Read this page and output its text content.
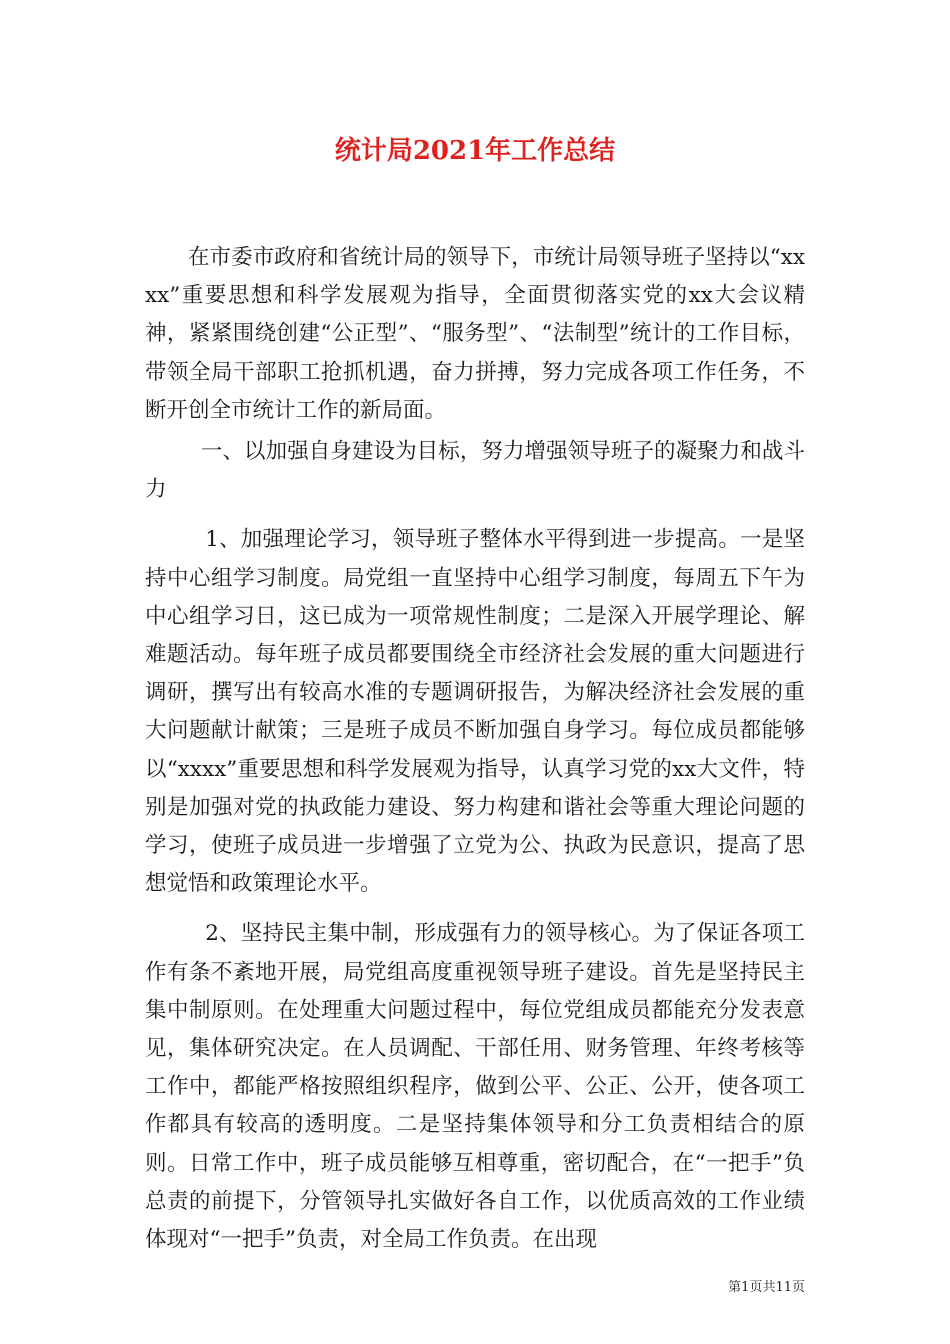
统计局2021年工作总结

在市委市政府和省统计局的领导下，市统计局领导班子坚持以“xxxx”重要思想和科学发展观为指导，全面贯彻落实党的xx大会议精神，紧紧围绕创建“公正型”、“服务型”、“法制型”统计的工作目标，带领全局干部职工抢抓机遇，奋力拼搏，努力完成各项工作任务，不断开创全市统计工作的新局面。

一、以加强自身建设为目标，努力增强领导班子的凝聚力和战斗力

1、加强理论学习，领导班子整体水平得到进一步提高。一是坚持中心组学习制度。局党组一直坚持中心组学习制度，每周五下午为中心组学习日，这已成为一项常规性制度；二是深入开展学理论、解难题活动。每年班子成员都要围绕全市经济社会发展的重大问题进行调研，撰写出有较高水准的专题调研报告，为解决经济社会发展的重大问题献计献策；三是班子成员不断加强自身学习。每位成员都能够以“xxxx”重要思想和科学发展观为指导，认真学习党的xx大文件，特别是加强对党的执政能力建设、努力构建和谐社会等重大理论问题的学习，使班子成员进一步增强了立党为公、执政为民意识，提高了思想觉悟和政策理论水平。

2、坚持民主集中制，形成强有力的领导核心。为了保证各项工作有条不紊地开展，局党组高度重视领导班子建设。首先是坚持民主集中制原则。在处理重大问题过程中，每位党组成员都能充分发表意见，集体研究决定。在人员调配、干部任用、财务管理、年终考核等工作中，都能严格按照组织程序，做到公平、公正、公开，使各项工作都具有较高的透明度。二是坚持集体领导和分工负责相结合的原则。日常工作中，班子成员能够互相尊重，密切配合，在“一把手”负总责的前提下，分管领导扎实做好各自工作，以优质高效的工作业绩体现对“一把手”负责，对全局工作负责。在出现

第1页共11页
